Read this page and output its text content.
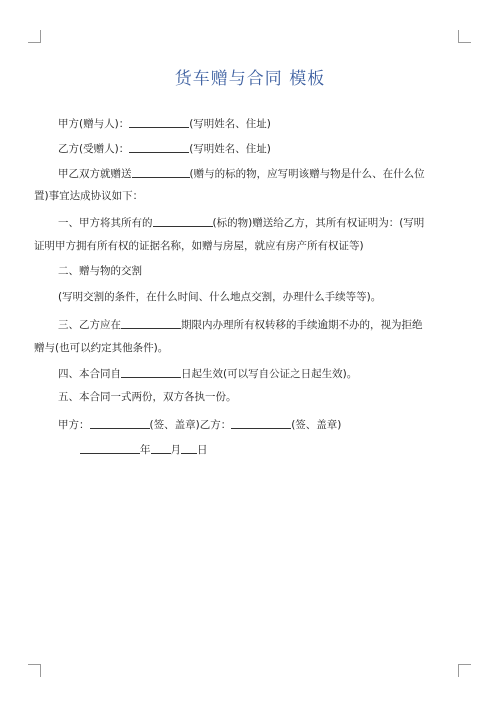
货车赠与合同 模板
甲方(赠与人)：	(写明姓名、住址)
乙方(受赠人)：	(写明姓名、住址)
甲乙双方就赠送	(赠与的标的物，应写明该赠与物是什么、在什么位
置)事宜达成协议如下：
一、甲方将其所有的	(标的物)赠送给乙方，其所有权证明为：(写明
证明甲方拥有所有权的证据名称，如赠与房屋，就应有房产所有权证等)
二、赠与物的交割
(写明交割的条件，在什么时间、什么地点交割，办理什么手续等等)。
三、乙方应在	期限内办理所有权转移的手续逾期不办的，视为拒绝
赠与(也可以约定其他条件)。
四、本合同自	日起生效(可以写自公证之日起生效)。
五、本合同一式两份，双方各执一份。
甲方：	(签、盖章)乙方：	(签、盖章)
年 月 日
